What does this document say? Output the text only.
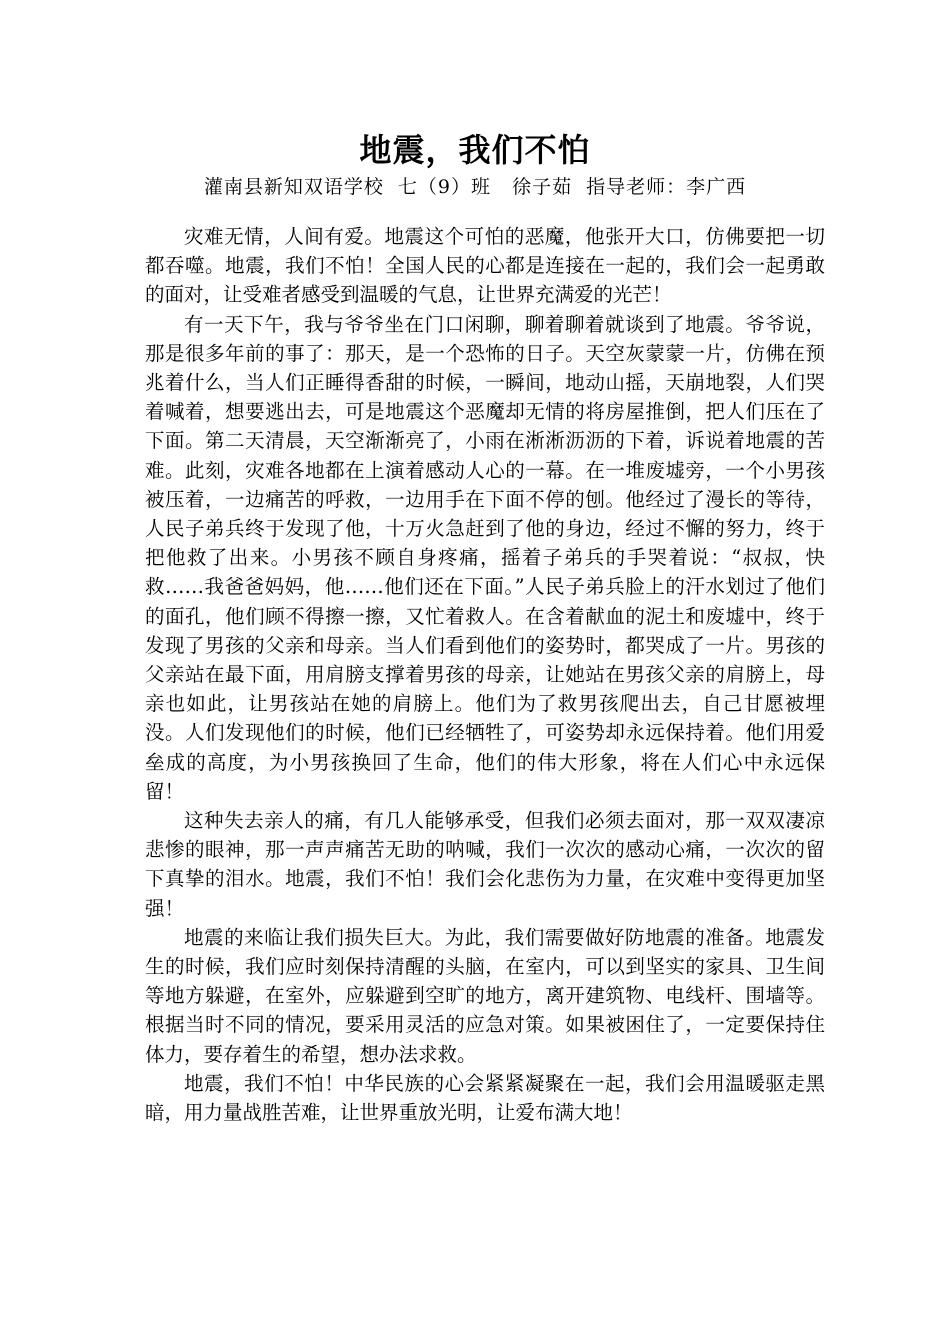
地震，我们不怕

灌南县新知双语学校  七（9）班   徐子茹  指导老师：李广西

灾难无情，人间有爱。地震这个可怕的恶魔，他张开大口，仿佛要把一切都吞噬。地震，我们不怕！全国人民的心都是连接在一起的，我们会一起勇敢的面对，让受难者感受到温暖的气息，让世界充满爱的光芒！

有一天下午，我与爷爷坐在门口闲聊，聊着聊着就谈到了地震。爷爷说，那是很多年前的事了：那天，是一个恐怖的日子。天空灰蒙蒙一片，仿佛在预兆着什么，当人们正睡得香甜的时候，一瞬间，地动山摇，天崩地裂，人们哭着喊着，想要逃出去，可是地震这个恶魔却无情的将房屋推倒，把人们压在了下面。第二天清晨，天空渐渐亮了，小雨在淅淅沥沥的下着，诉说着地震的苦难。此刻，灾难各地都在上演着感动人心的一幕。在一堆废墟旁，一个小男孩被压着，一边痛苦的呼救，一边用手在下面不停的刨。他经过了漫长的等待，人民子弟兵终于发现了他，十万火急赶到了他的身边，经过不懈的努力，终于把他救了出来。小男孩不顾自身疼痛，摇着子弟兵的手哭着说：“叔叔，快救……我爸爸妈妈，他……他们还在下面。”人民子弟兵脸上的汗水划过了他们的面孔，他们顾不得擦一擦，又忙着救人。在含着献血的泥土和废墟中，终于发现了男孩的父亲和母亲。当人们看到他们的姿势时，都哭成了一片。男孩的父亲站在最下面，用肩膀支撑着男孩的母亲，让她站在男孩父亲的肩膀上，母亲也如此，让男孩站在她的肩膀上。他们为了救男孩爬出去，自己甘愿被埋没。人们发现他们的时候，他们已经牺牲了，可姿势却永远保持着。他们用爱垒成的高度，为小男孩换回了生命，他们的伟大形象，将在人们心中永远保留！

这种失去亲人的痛，有几人能够承受，但我们必须去面对，那一双双凄凉悲惨的眼神，那一声声痛苦无助的呐喊，我们一次次的感动心痛，一次次的留下真挚的泪水。地震，我们不怕！我们会化悲伤为力量，在灾难中变得更加坚强！

地震的来临让我们损失巨大。为此，我们需要做好防地震的准备。地震发生的时候，我们应时刻保持清醒的头脑，在室内，可以到坚实的家具、卫生间等地方躲避，在室外，应躲避到空旷的地方，离开建筑物、电线杆、围墙等。根据当时不同的情况，要采用灵活的应急对策。如果被困住了，一定要保持住体力，要存着生的希望，想办法求救。

地震，我们不怕！中华民族的心会紧紧凝聚在一起，我们会用温暖驱走黑暗，用力量战胜苦难，让世界重放光明，让爱布满大地！
